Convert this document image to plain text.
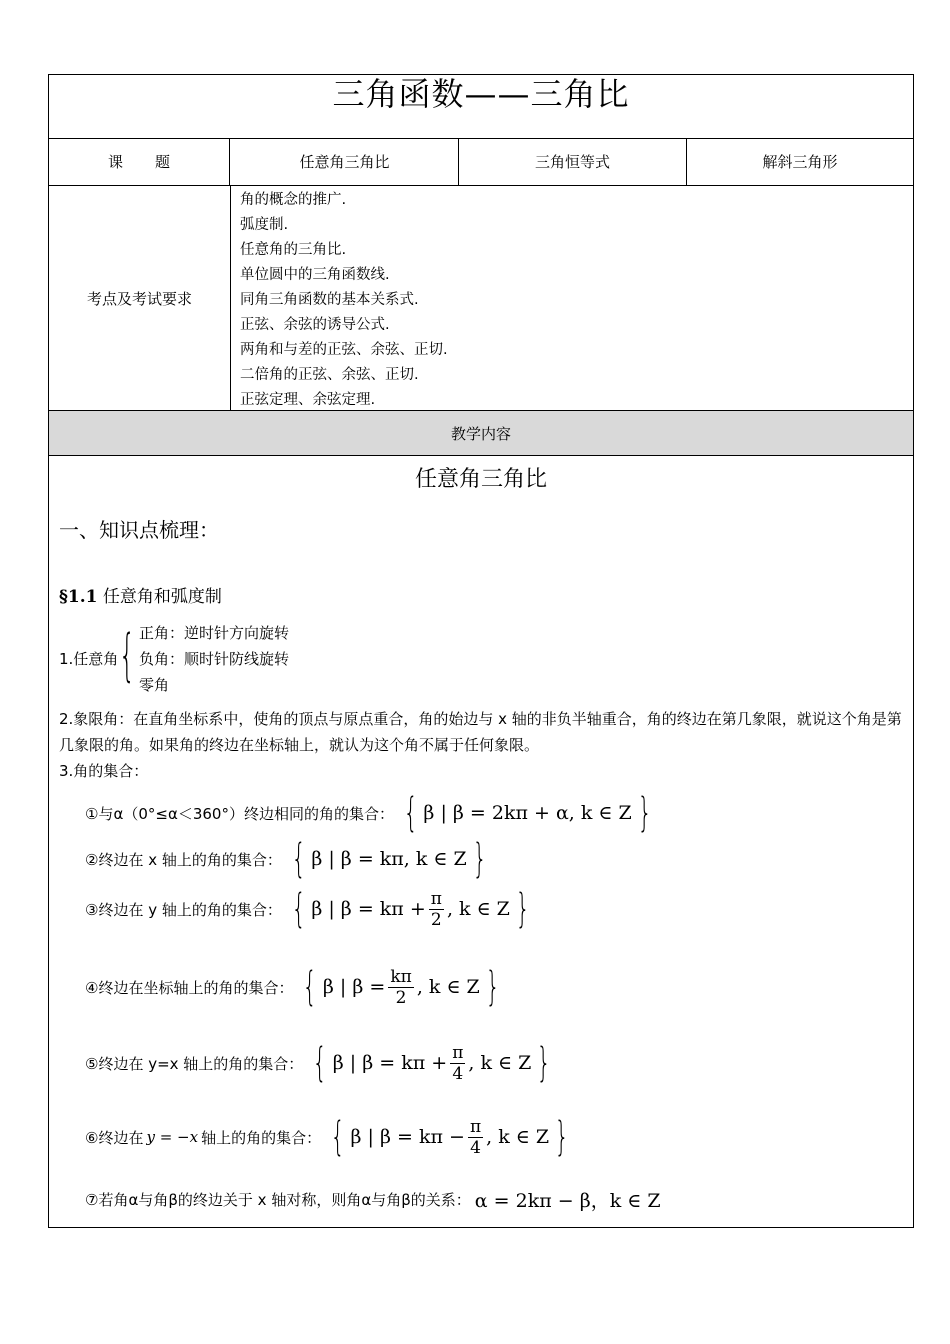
三角函数——三角比
课题	任意角三角比	三角恒等式	解斜三角形
考点及考试要求
角的概念的推广.
弧度制.
任意角的三角比.
单位圆中的三角函数线.
同角三角函数的基本关系式.
正弦、余弦的诱导公式.
两角和与差的正弦、余弦、正切.
二倍角的正弦、余弦、正切.
正弦定理、余弦定理.
教学内容
任意角三角比
一、知识点梳理：
§1.1 任意角和弧度制
1.任意角 { 正角：逆时针方向旋转
负角：顺时针防线旋转
零角
2.象限角：在直角坐标系中，使角的顶点与原点重合，角的始边与 x 轴的非负半轴重合，角的终边在第几象限，就说这个角是第几象限的角。如果角的终边在坐标轴上，就认为这个角不属于任何象限。
3.角的集合：
①与α（0°≤α＜360°）终边相同的角的集合： { β | β = 2kπ + α, k ∈ Z }
②终边在 x 轴上的角的集合： { β | β = kπ, k ∈ Z }
③终边在 y 轴上的角的集合： { β | $\beta = k\pi + \frac{\pi}{2}$ , k ∈ Z }
④终边在坐标轴上的角的集合： { β | $\beta = \frac{k\pi}{2}$ , k ∈ Z }
⑤终边在 y=x 轴上的角的集合： { β | $\beta = k\pi + \frac{\pi}{4}$ , k ∈ Z }
⑥终边在 y = −x 轴上的角的集合： { β | $\beta = k\pi - \frac{\pi}{4}$ , k ∈ Z }
⑦若角α与角β的终边关于 x 轴对称，则角α与角β的关系： α = 2kπ − β，k ∈ Z
